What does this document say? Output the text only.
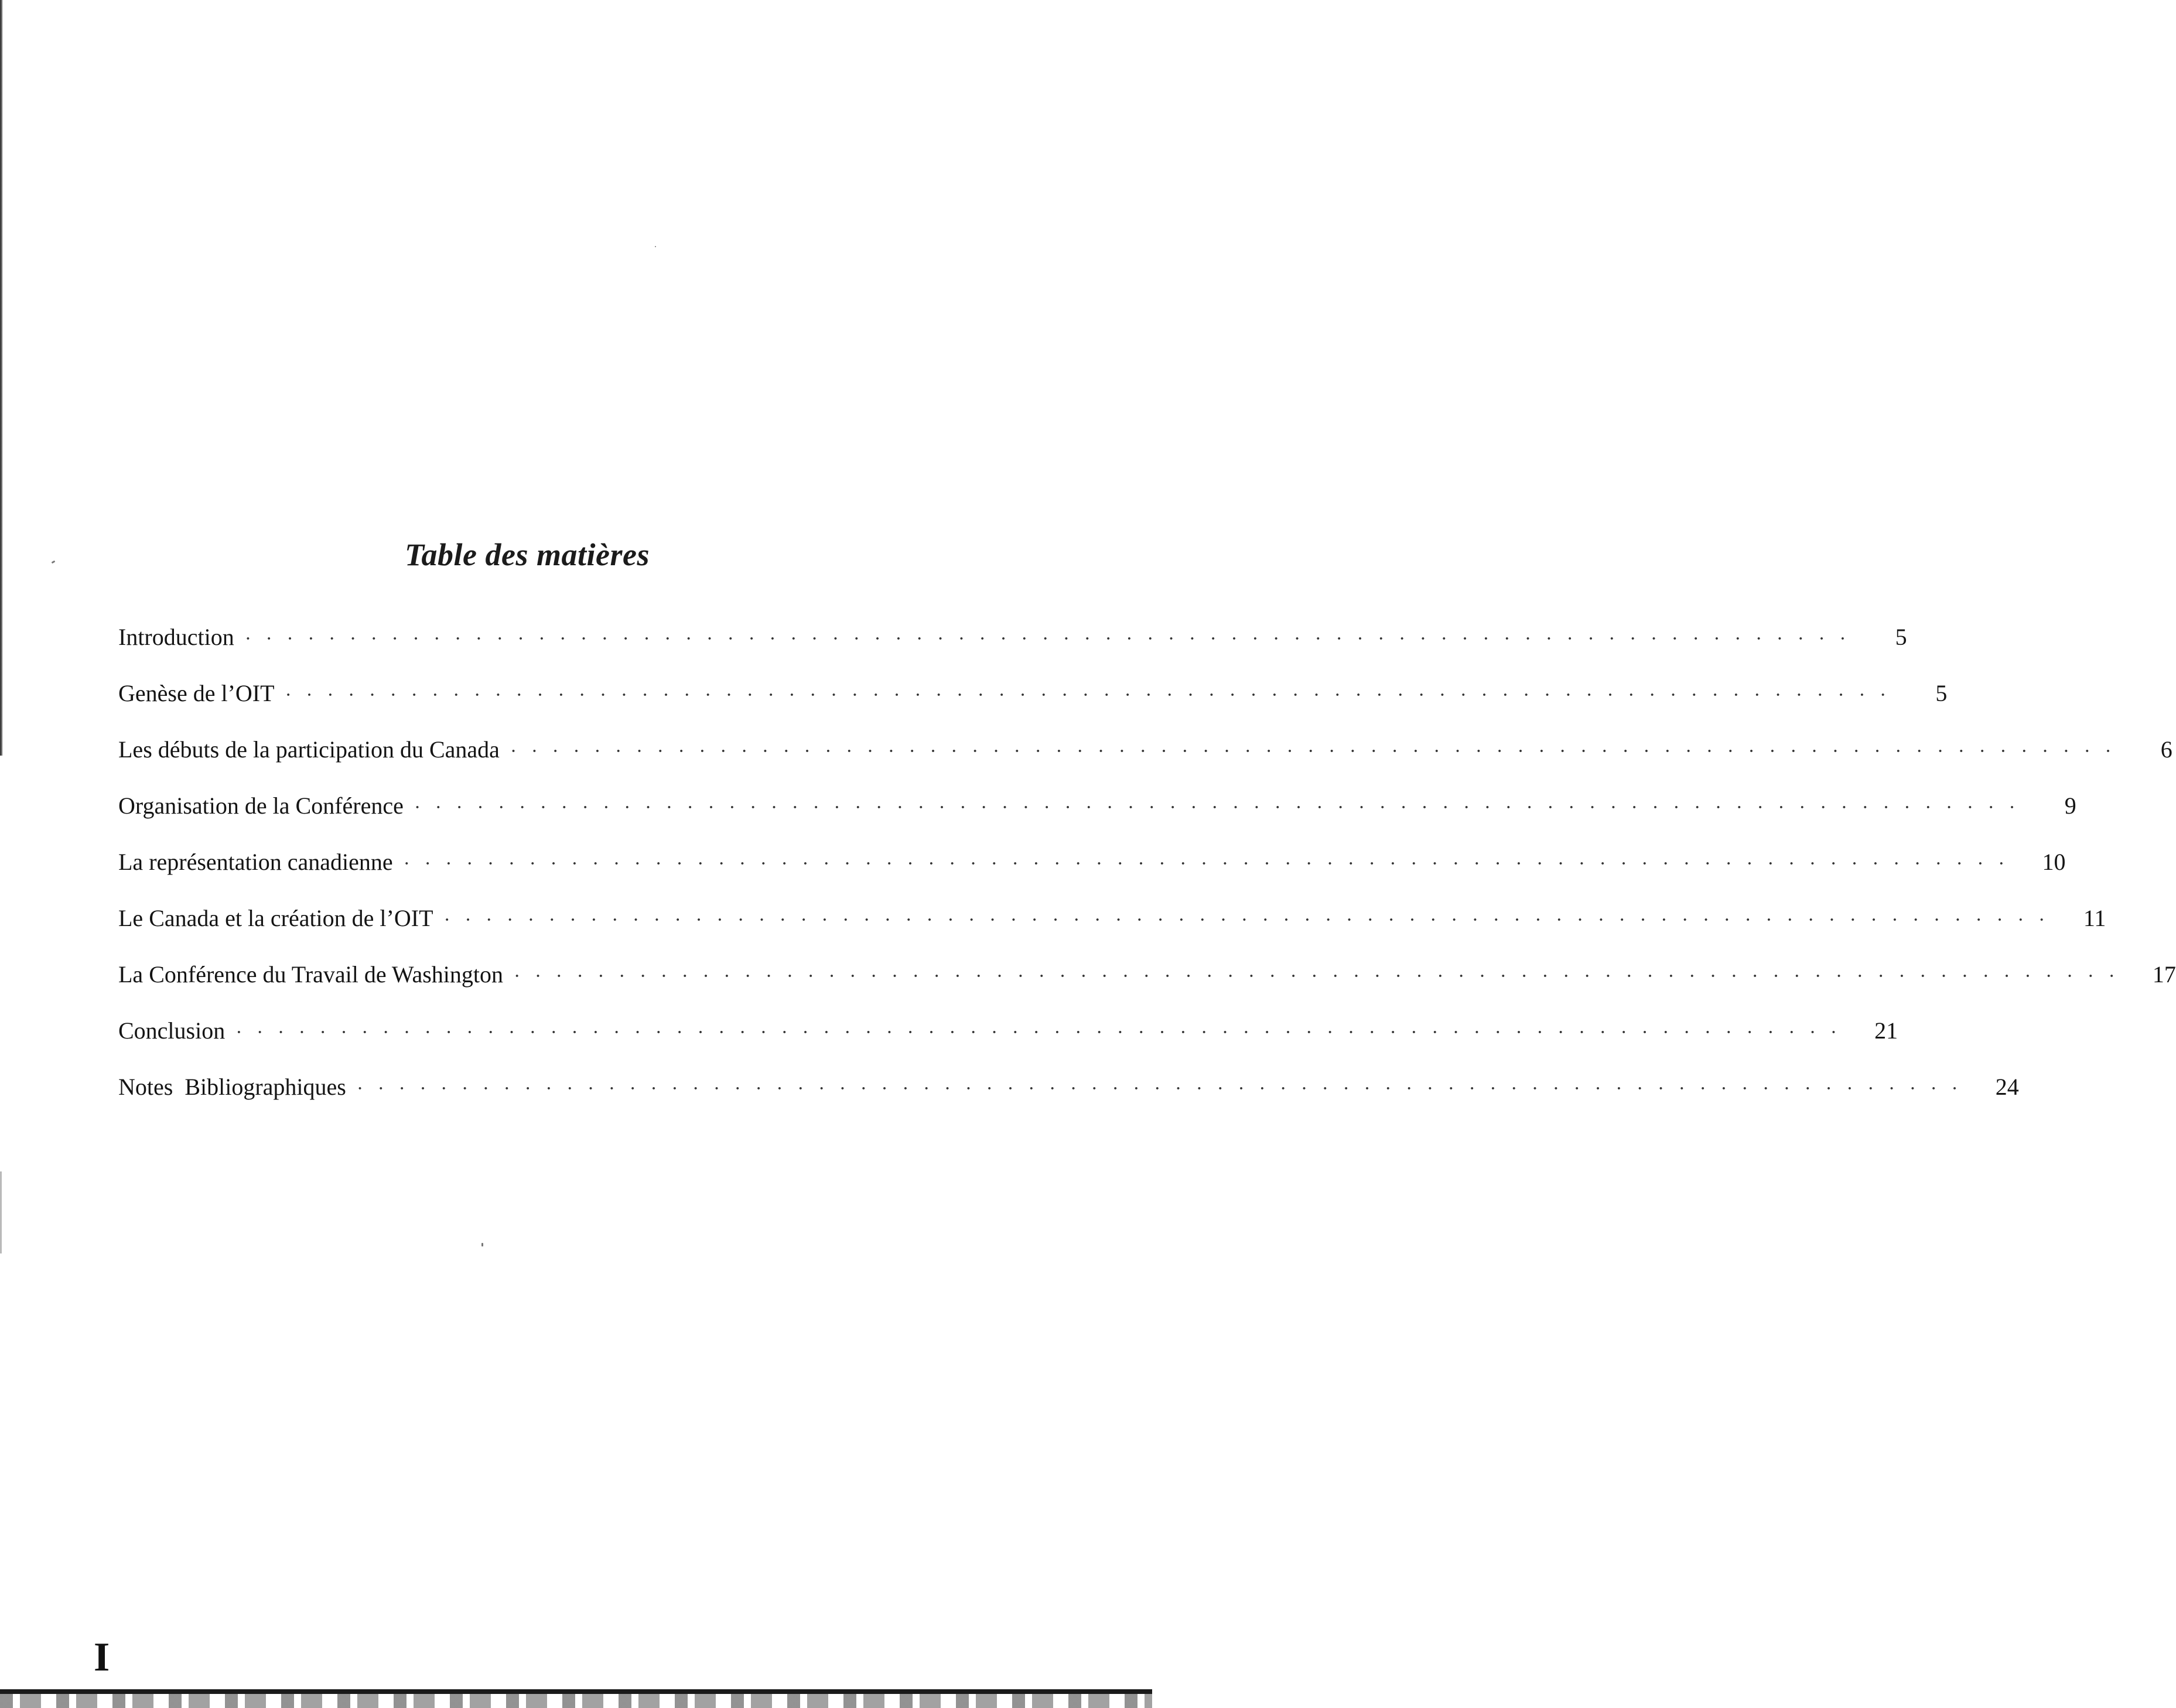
Table des matières
Introduction · · · · · · · · · · · · · · · · · · · · · · · · · · · · · · · · · · · · · · · · · · · · · · · · · · · · · · · · · · · · · · · · · · · · · · · · · · · · ·	5
Genèse de l’OIT · · · · · · · · · · · · · · · · · · · · · · · · · · · · · · · · · · · · · · · · · · · · · · · · · · · · · · · · · · · · · · · · · · · · · · · · · · · · ·	5
Les débuts de la participation du Canada · · · · · · · · · · · · · · · · · · · · · · · · · · · · · · · · · · · · · · · · · · · · · · · · · · · · · · · · · · · · · · · · · · · · · · · · · · · · ·	6
Organisation de la Conférence · · · · · · · · · · · · · · · · · · · · · · · · · · · · · · · · · · · · · · · · · · · · · · · · · · · · · · · · · · · · · · · · · · · · · · · · · · · · ·	9
La représentation canadienne · · · · · · · · · · · · · · · · · · · · · · · · · · · · · · · · · · · · · · · · · · · · · · · · · · · · · · · · · · · · · · · · · · · · · · · · · · · · ·	10
Le Canada et la création de l’OIT · · · · · · · · · · · · · · · · · · · · · · · · · · · · · · · · · · · · · · · · · · · · · · · · · · · · · · · · · · · · · · · · · · · · · · · · · · · · ·	11
La Conférence du Travail de Washington · · · · · · · · · · · · · · · · · · · · · · · · · · · · · · · · · · · · · · · · · · · · · · · · · · · · · · · · · · · · · · · · · · · · · · · · · · · · ·	17
Conclusion · · · · · · · · · · · · · · · · · · · · · · · · · · · · · · · · · · · · · · · · · · · · · · · · · · · · · · · · · · · · · · · · · · · · · · · · · · · · ·	21
Notes  Bibliographiques · · · · · · · · · · · · · · · · · · · · · · · · · · · · · · · · · · · · · · · · · · · · · · · · · · · · · · · · · · · · · · · · · · · · · · · · · · · · ·	24
I
